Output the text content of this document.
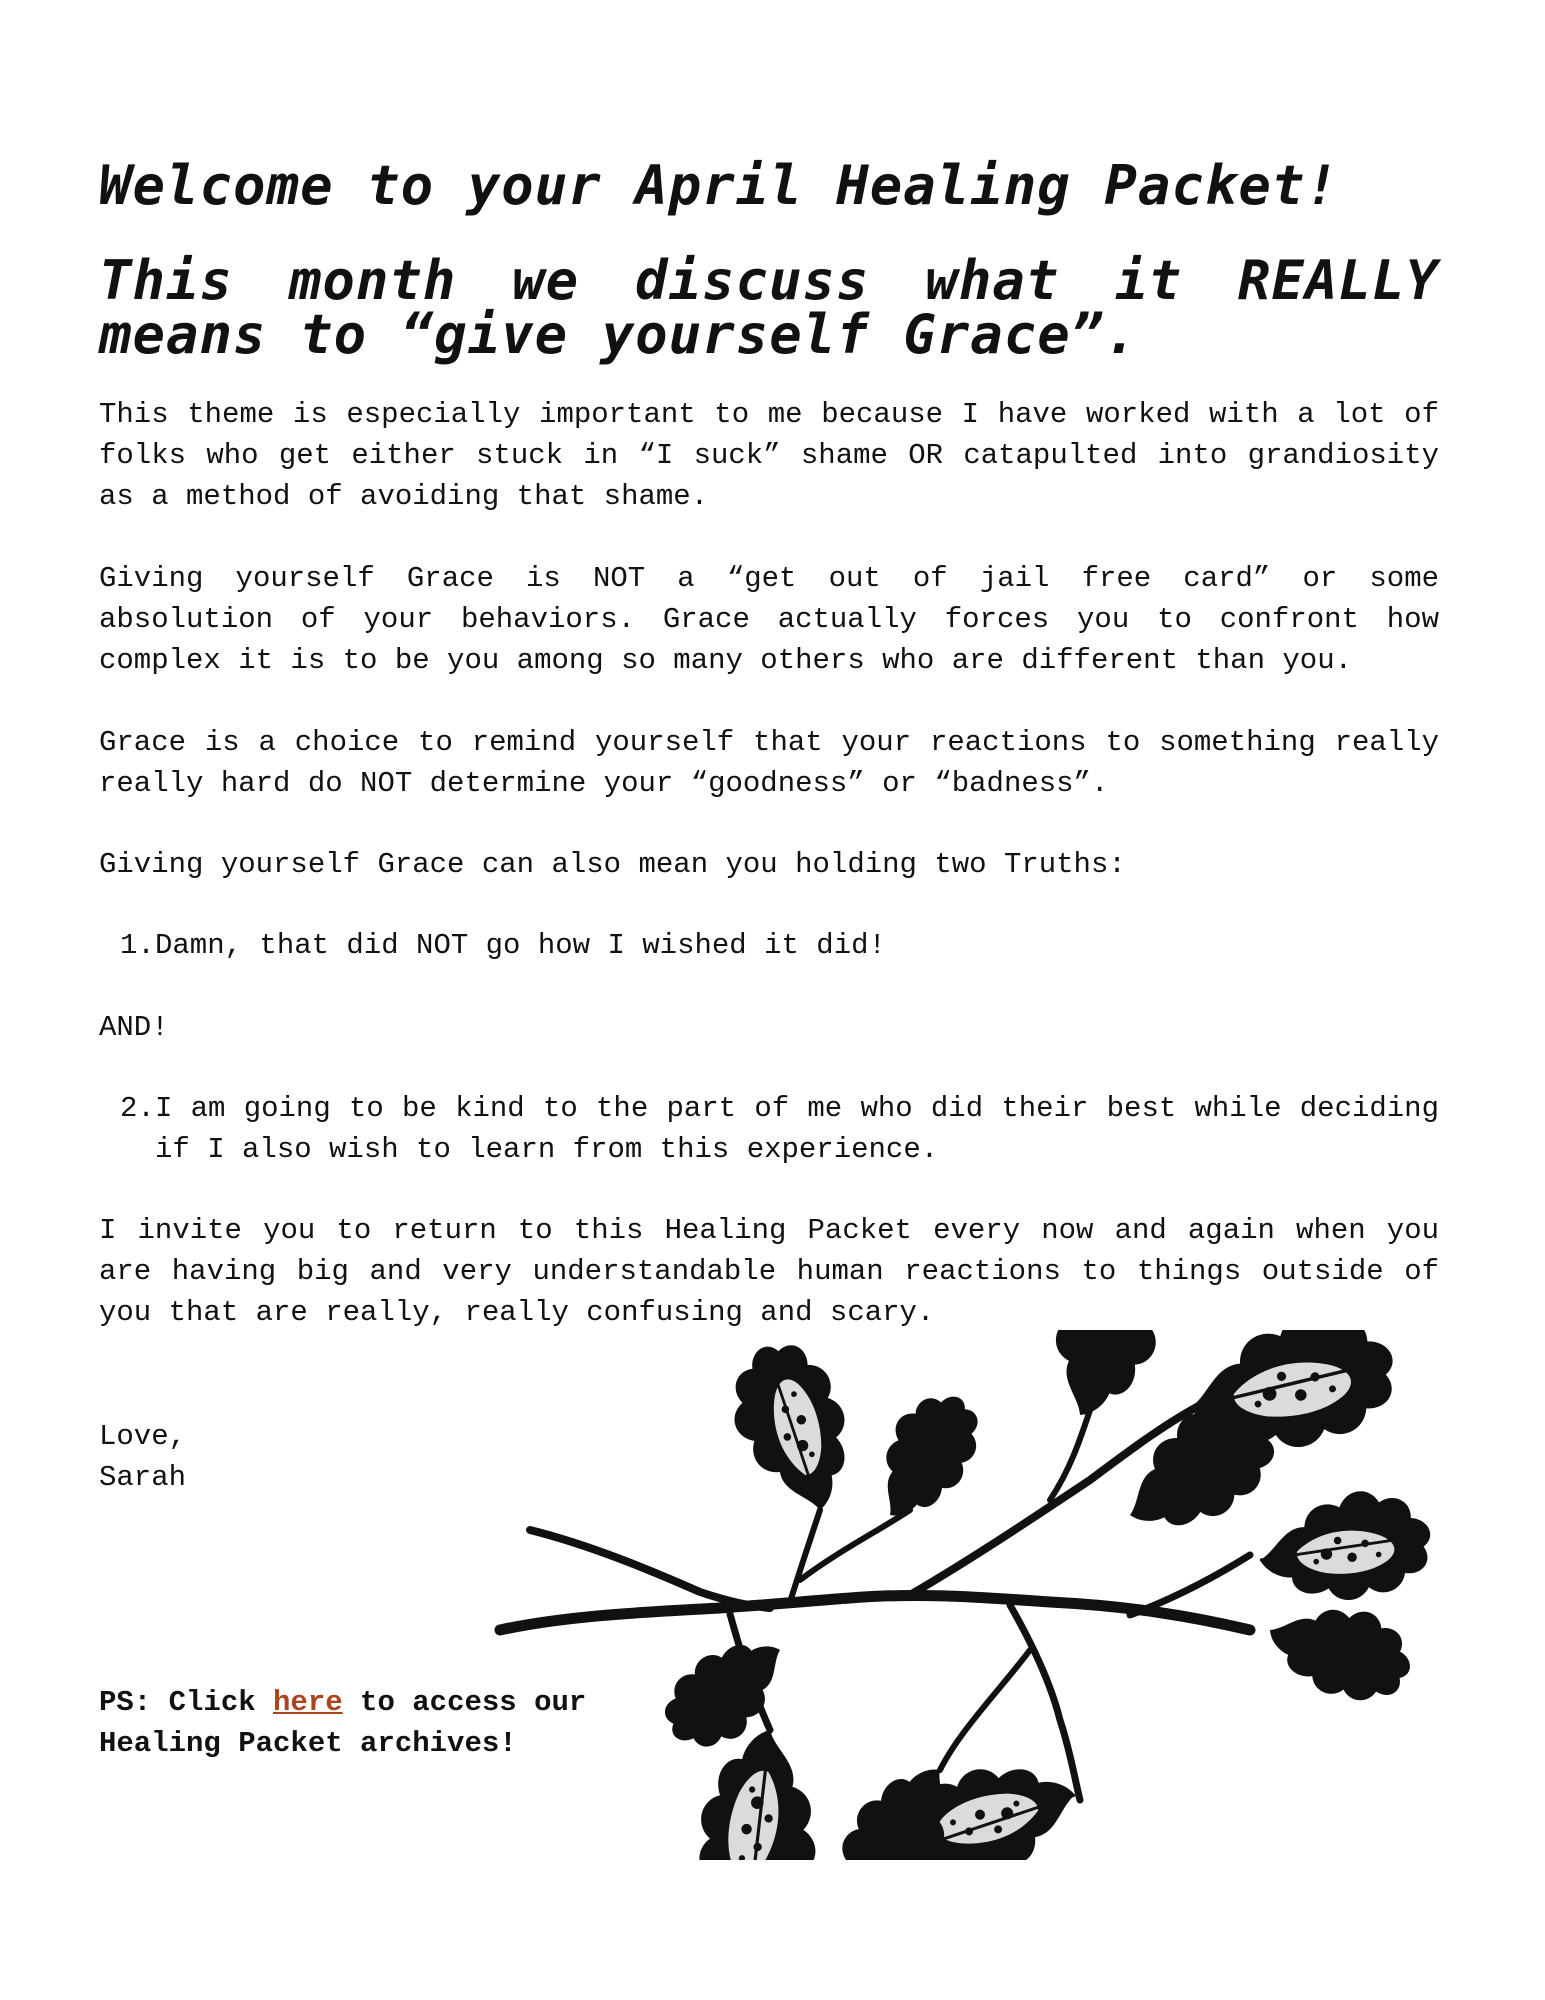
Welcome to your April Healing Packet!
This month we discuss what it REALLY means to “give yourself Grace”.

This theme is especially important to me because I have worked with a lot of folks who get either stuck in “I suck” shame OR catapulted into grandiosity as a method of avoiding that shame.

Giving yourself Grace is NOT a “get out of jail free card” or some absolution of your behaviors. Grace actually forces you to confront how complex it is to be you among so many others who are different than you.

Grace is a choice to remind yourself that your reactions to something really really hard do NOT determine your “goodness” or “badness”.

Giving yourself Grace can also mean you holding two Truths:

1. Damn, that did NOT go how I wished it did!

AND!

2. I am going to be kind to the part of me who did their best while deciding if I also wish to learn from this experience.

I invite you to return to this Healing Packet every now and again when you are having big and very understandable human reactions to things outside of you that are really, really confusing and scary.

Love,
Sarah

PS: Click here to access our Healing Packet archives!
